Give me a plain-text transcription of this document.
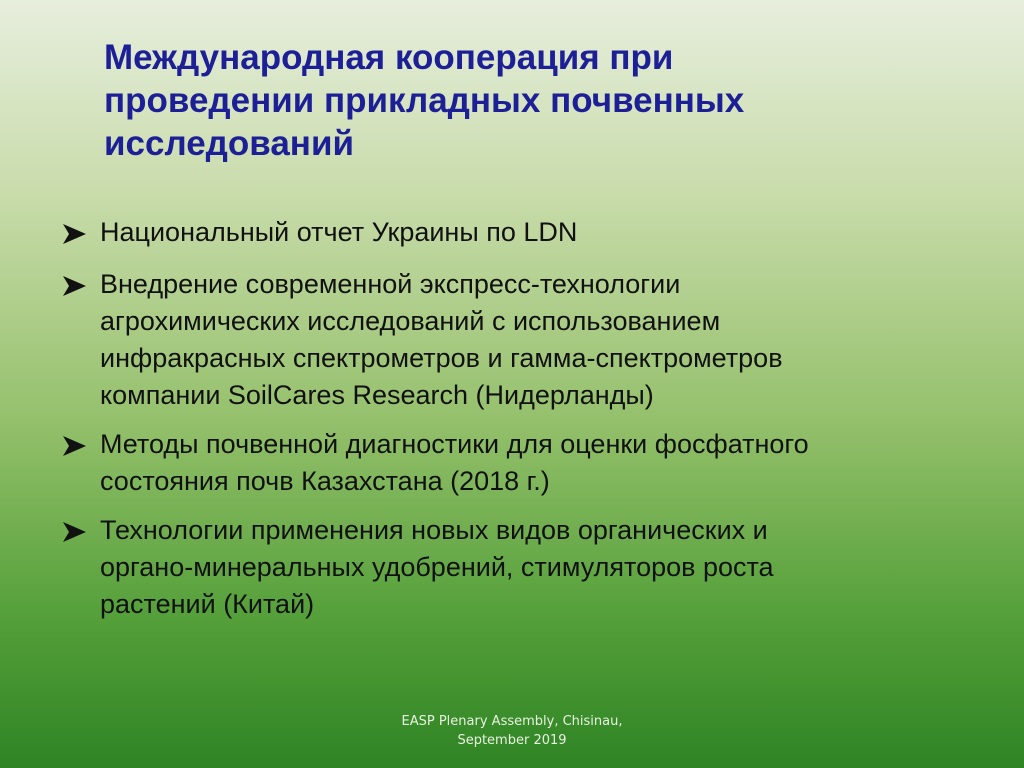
Международная кооперация при
проведении прикладных почвенных
исследований
Национальный отчет Украины по LDN
Внедрение современной экспресс-технологии
агрохимических исследований с использованием
инфракрасных спектрометров и гамма-спектрометров
компании SoilCares Research (Нидерланды)
Методы почвенной диагностики для оценки фосфатного
состояния почв Казахстана (2018 г.)
Технологии применения новых видов органических и
органо-минеральных удобрений, стимуляторов роста
растений (Китай)
EASP Plenary Assembly, Chisinau,
September 2019
